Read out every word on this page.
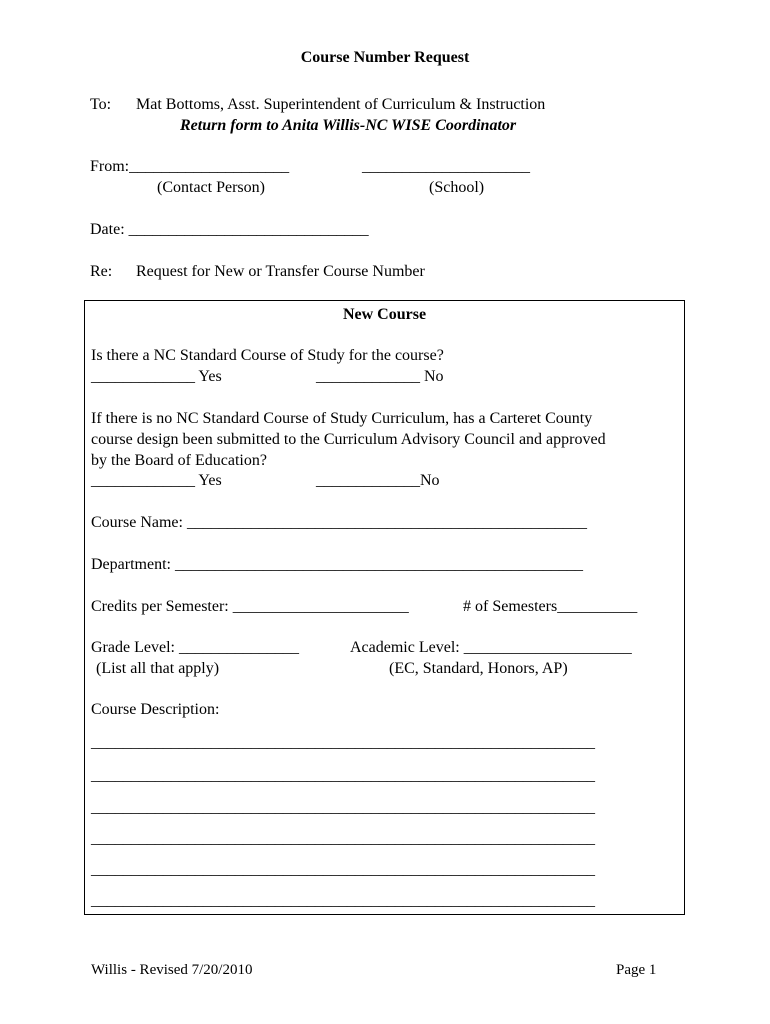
Course Number Request
To: Mat Bottoms, Asst. Superintendent of Curriculum & Instruction
Return form to Anita Willis-NC WISE Coordinator
From:____________________	_____________________
(Contact Person)	(School)
Date: ______________________________
Re: Request for New or Transfer Course Number
New Course
Is there a NC Standard Course of Study for the course?
_____________ Yes	_____________ No
If there is no NC Standard Course of Study Curriculum, has a Carteret County
course design been submitted to the Curriculum Advisory Council and approved
by the Board of Education?
_____________ Yes	_____________No
Course Name: __________________________________________________
Department: ___________________________________________________
Credits per Semester: ______________________	# of Semesters__________
Grade Level: _______________	Academic Level: _____________________
(List all that apply)	(EC, Standard, Honors, AP)
Course Description:
_______________________________________________________________
_______________________________________________________________
_______________________________________________________________
_______________________________________________________________
_______________________________________________________________
_______________________________________________________________
Willis - Revised 7/20/2010	Page 1
